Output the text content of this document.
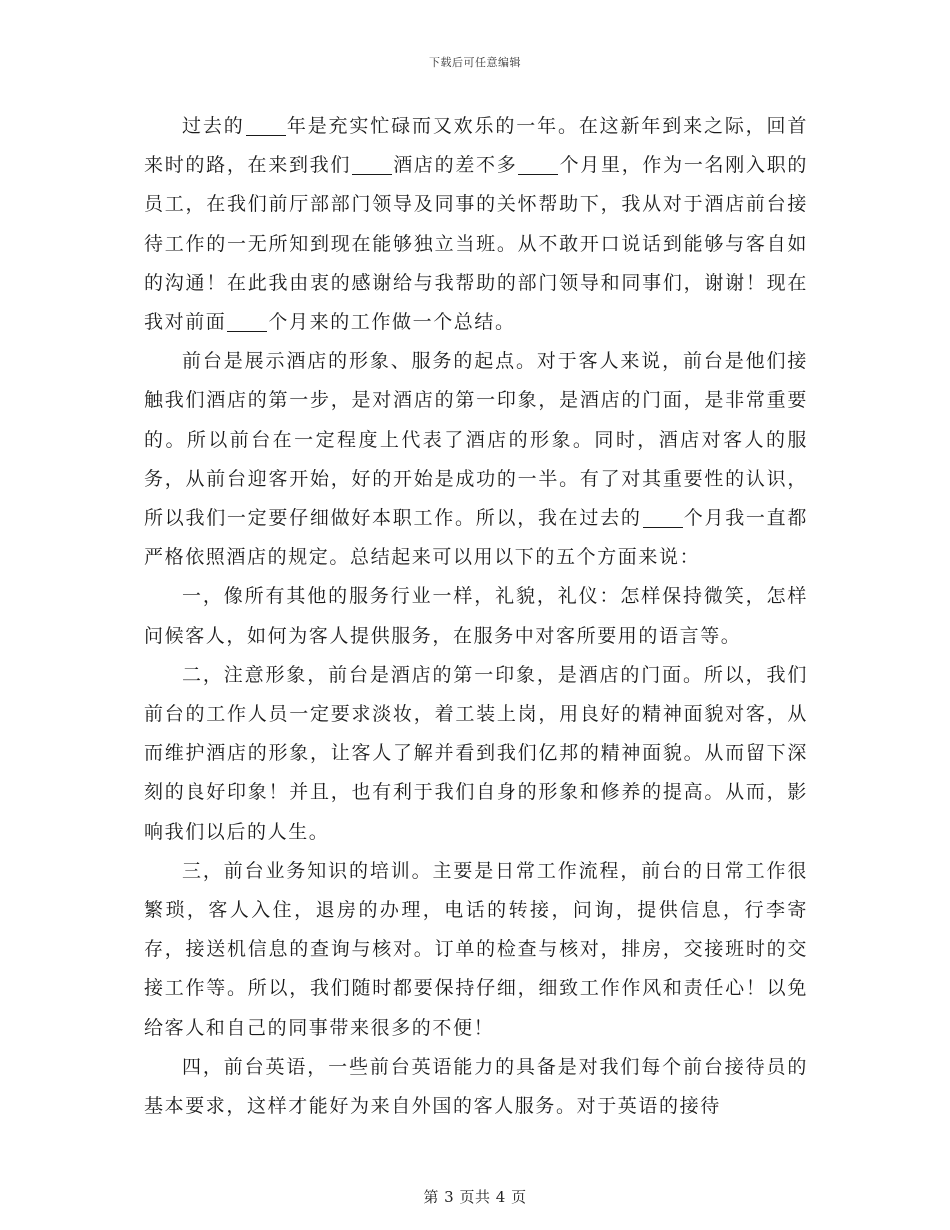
下载后可任意编辑

过去的 年是充实忙碌而又欢乐的一年。在这新年到来之际，回首来时的路，在来到我们 酒店的差不多 个月里，作为一名刚入职的员工，在我们前厅部部门领导及同事的关怀帮助下，我从对于酒店前台接待工作的一无所知到现在能够独立当班。从不敢开口说话到能够与客自如的沟通！在此我由衷的感谢给与我帮助的部门领导和同事们，谢谢！现在我对前面 个月来的工作做一个总结。

前台是展示酒店的形象、服务的起点。对于客人来说，前台是他们接触我们酒店的第一步，是对酒店的第一印象，是酒店的门面，是非常重要的。所以前台在一定程度上代表了酒店的形象。同时，酒店对客人的服务，从前台迎客开始，好的开始是成功的一半。有了对其重要性的认识，所以我们一定要仔细做好本职工作。所以，我在过去的 个月我一直都严格依照酒店的规定。总结起来可以用以下的五个方面来说：

一，像所有其他的服务行业一样，礼貌，礼仪：怎样保持微笑，怎样问候客人，如何为客人提供服务，在服务中对客所要用的语言等。

二，注意形象，前台是酒店的第一印象，是酒店的门面。所以，我们前台的工作人员一定要求淡妆，着工装上岗，用良好的精神面貌对客，从而维护酒店的形象，让客人了解并看到我们亿邦的精神面貌。从而留下深刻的良好印象！并且，也有利于我们自身的形象和修养的提高。从而，影响我们以后的人生。

三，前台业务知识的培训。主要是日常工作流程，前台的日常工作很繁琐，客人入住，退房的办理，电话的转接，问询，提供信息，行李寄存，接送机信息的查询与核对。订单的检查与核对，排房，交接班时的交接工作等。所以，我们随时都要保持仔细，细致工作作风和责任心！以免给客人和自己的同事带来很多的不便！

四，前台英语，一些前台英语能力的具备是对我们每个前台接待员的基本要求，这样才能好为来自外国的客人服务。对于英语的接待

第 3 页共 4 页
